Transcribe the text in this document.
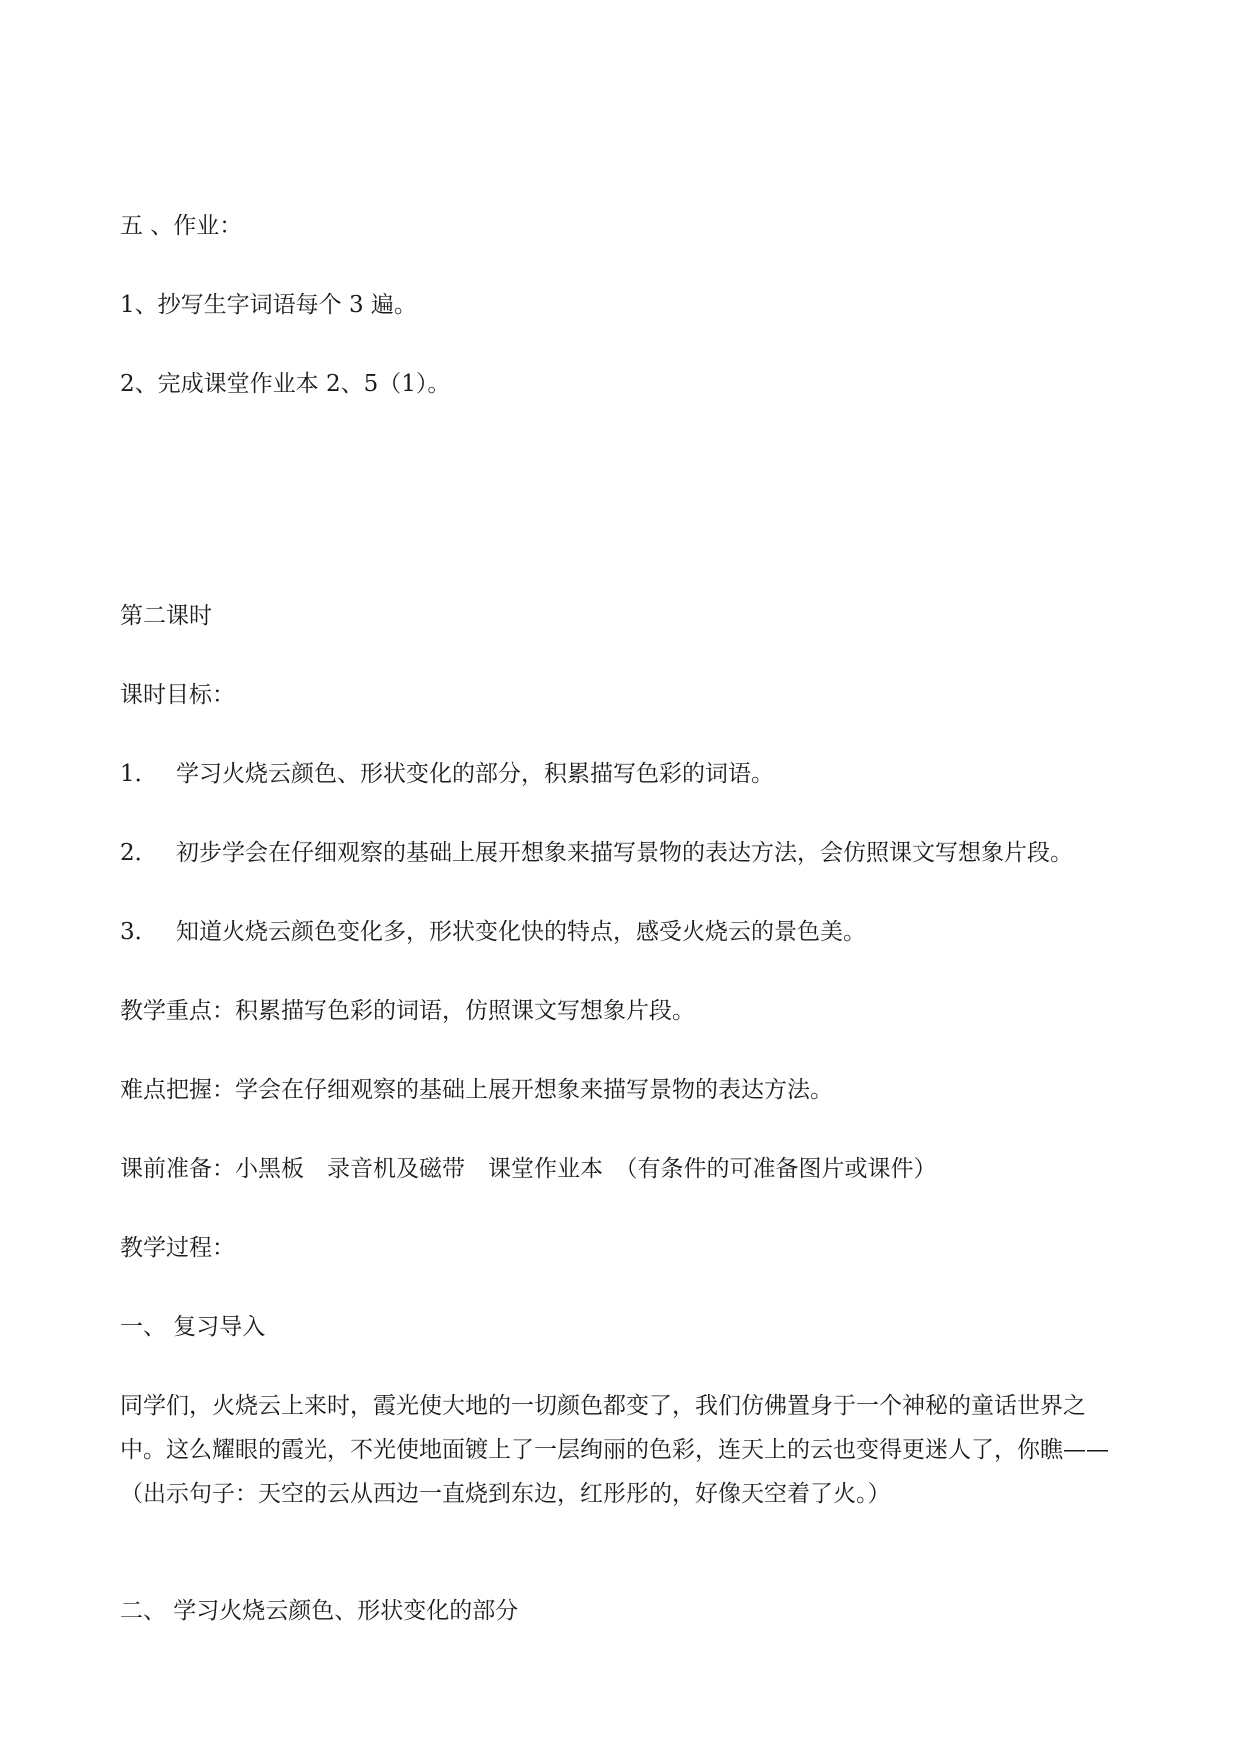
五 、作业：
1、抄写生字词语每个 3 遍。
2、完成课堂作业本 2、5（1）。
第二课时
课时目标：
1． 学习火烧云颜色、形状变化的部分，积累描写色彩的词语。
2． 初步学会在仔细观察的基础上展开想象来描写景物的表达方法，会仿照课文写想象片段。
3． 知道火烧云颜色变化多，形状变化快的特点，感受火烧云的景色美。
教学重点：积累描写色彩的词语，仿照课文写想象片段。
难点把握：学会在仔细观察的基础上展开想象来描写景物的表达方法。
课前准备：小黑板　录音机及磁带　课堂作业本　（有条件的可准备图片或课件）
教学过程：
一、 复习导入
同学们，火烧云上来时，霞光使大地的一切颜色都变了，我们仿佛置身于一个神秘的童话世界之中。这么耀眼的霞光，不光使地面镀上了一层绚丽的色彩，连天上的云也变得更迷人了，你瞧——（出示句子：天空的云从西边一直烧到东边，红彤彤的，好像天空着了火。）
二、 学习火烧云颜色、形状变化的部分
